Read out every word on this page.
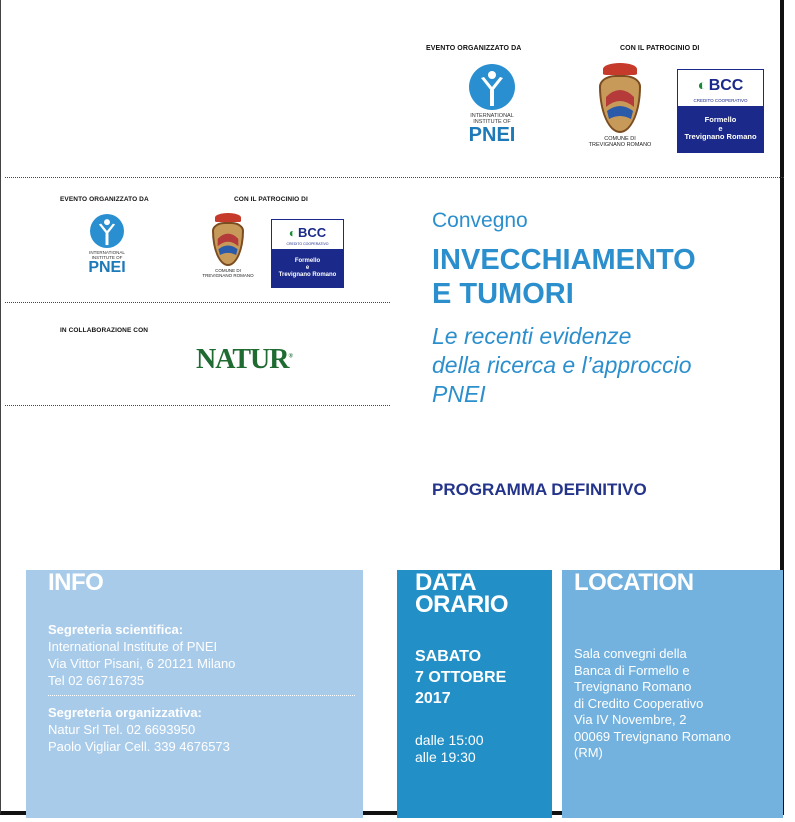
EVENTO ORGANIZZATO DA	CON IL PATROCINIO DI
INTERNATIONAL INSTITUTE OF
PNEI	COMUNE DI TREVIGNANO ROMANO
◐ BCC
CREDITO COOPERATIVO
Formello
e
Trevignano Romano
EVENTO ORGANIZZATO DA	CON IL PATROCINIO DI
INTERNATIONAL INSTITUTE OF
PNEI	COMUNE DI TREVIGNANO ROMANO
◐ BCC
CREDITO COOPERATIVO
Formello
e
Trevignano Romano
IN COLLABORAZIONE CON
NATUR®
Convegno
INVECCHIAMENTO
E TUMORI
Le recenti evidenze
della ricerca e l’approccio
PNEI
PROGRAMMA DEFINITIVO
INFO
Segreteria scientifica:
International Institute of PNEI
Via Vittor Pisani, 6 20121 Milano
Tel 02 66716735
Segreteria organizzativa:
Natur Srl Tel. 02 6693950
Paolo Vigliar Cell. 339 4676573
DATA
ORARIO
SABATO
7 OTTOBRE
2017
dalle 15:00
alle 19:30
LOCATION
Sala convegni della
Banca di Formello e
Trevignano Romano
di Credito Cooperativo
Via IV Novembre, 2
00069 Trevignano Romano
(RM)
